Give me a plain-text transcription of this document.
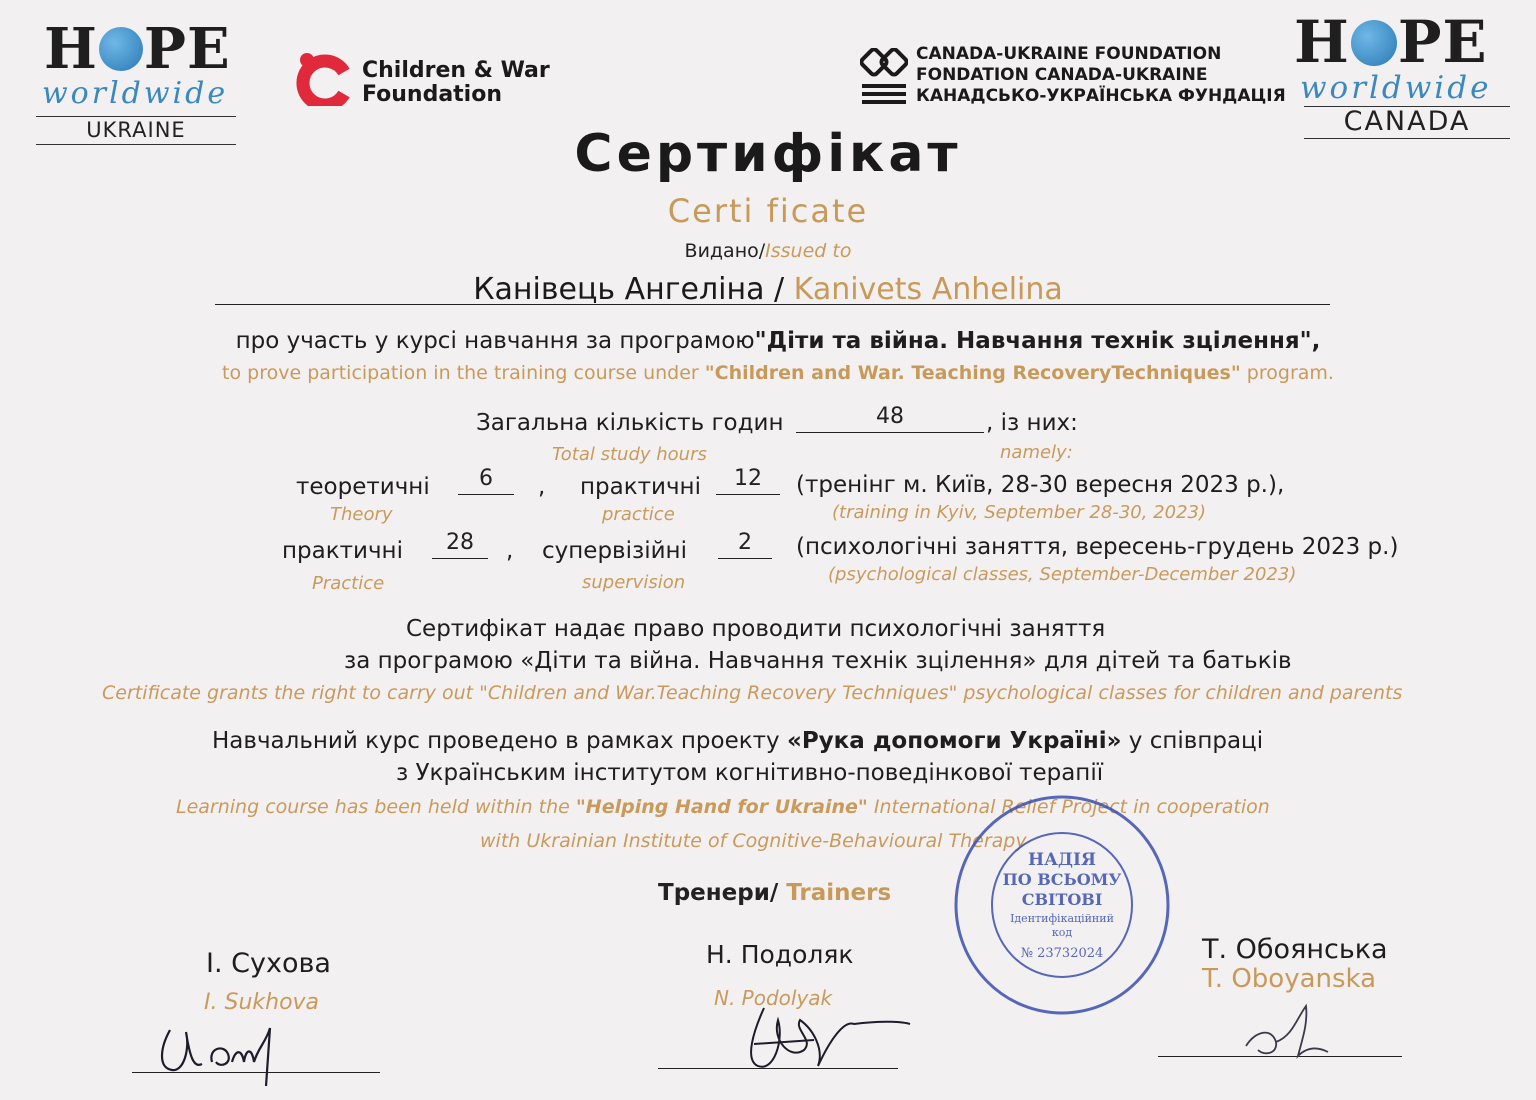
H PE
worldwide
UKRAINE
Children & War
Foundation
CANADA-UKRAINE FOUNDATION
FONDATION CANADA-UKRAINE
КАНАДСЬКО-УКРАЇНСЬКА ФУНДАЦІЯ
H PE
worldwide
CANADA
Сертифікат
Certi ficate
Видано/Issued to
Канівець Ангеліна / Kanivets Anhelina
про участь у курсі навчання за програмою"Діти та війна. Навчання технік зцілення",
to prove participation in the training course under "Children and War. Teaching RecoveryTechniques" program.
Загальна кількість годин	48	, із них:
Total study hours	namely:
теоретичні	6	, практичні	12	(тренінг м. Київ, 28-30 вересня 2023 р.),
Theory	practice	(training in Kyiv, September 28-30, 2023)
практичні	28	, супервізійні	2	(психологічні заняття, вересень-грудень 2023 р.)
Practice	supervision	(psychological classes, September-December 2023)
Сертифікат надає право проводити психологічні заняття
за програмою «Діти та війна. Навчання технік зцілення» для дітей та батьків
Certificate grants the right to carry out "Children and War.Teaching Recovery Techniques" psychological classes for children and parents
Навчальний курс проведено в рамках проекту «Рука допомоги Україні» у співпраці
з Українським інститутом когнітивно-поведінкової терапії
Learning course has been held within the "Helping Hand for Ukraine" International Relief Project in cooperation
with Ukrainian Institute of Cognitive-Behavioural Therapy
Тренери/ Trainers
І. Сухова
I. Sukhova
Н. Подоляк
N. Podolyak
Т. Обоянська
T. Oboyanska
НАДІЯ
ПО ВСЬОМУ
СВІТОВІ
Ідентифікаційний
код
№ 23732024
